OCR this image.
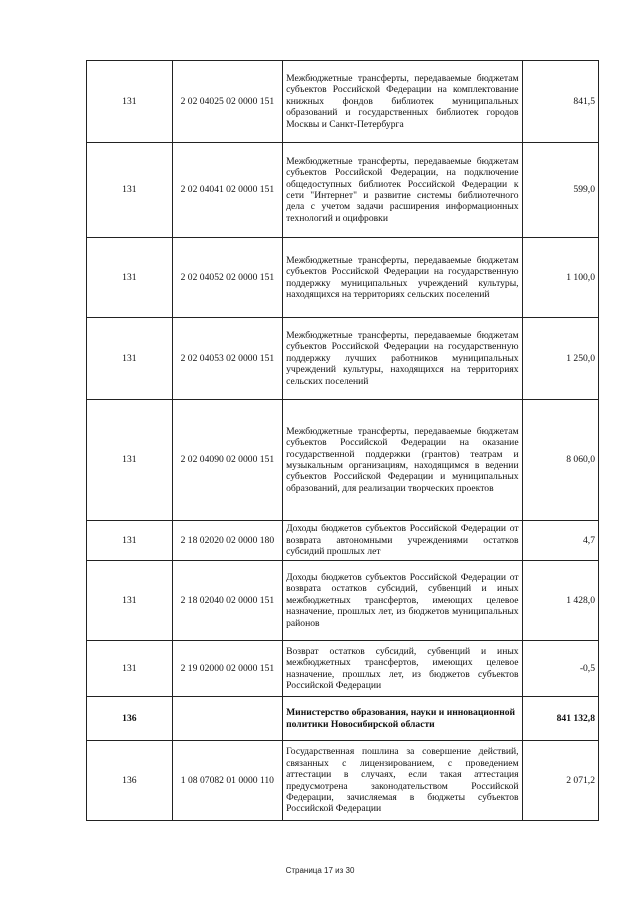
131	2 02 04025 02 0000 151	Межбюджетные трансферты, передаваемые бюджетам субъектов Российской Федерации на комплектование книжных фондов библиотек муниципальных образований и государственных библиотек городов Москвы и Санкт-Петербурга	841,5
131	2 02 04041 02 0000 151	Межбюджетные трансферты, передаваемые бюджетам субъектов Российской Федерации, на подключение общедоступных библиотек Российской Федерации к сети "Интернет" и развитие системы библиотечного дела с учетом задачи расширения информационных технологий и оцифровки	599,0
131	2 02 04052 02 0000 151	Межбюджетные трансферты, передаваемые бюджетам субъектов Российской Федерации на государственную поддержку муниципальных учреждений культуры, находящихся на территориях сельских поселений	1 100,0
131	2 02 04053 02 0000 151	Межбюджетные трансферты, передаваемые бюджетам субъектов Российской Федерации на государственную поддержку лучших работников муниципальных учреждений культуры, находящихся на территориях сельских поселений	1 250,0
131	2 02 04090 02 0000 151	Межбюджетные трансферты, передаваемые бюджетам субъектов Российской Федерации на оказание государственной поддержки (грантов) театрам и музыкальным организациям, находящимся в ведении субъектов Российской Федерации и муниципальных образований, для реализации творческих проектов	8 060,0
131	2 18 02020 02 0000 180	Доходы бюджетов субъектов Российской Федерации от возврата автономными учреждениями остатков субсидий прошлых лет	4,7
131	2 18 02040 02 0000 151	Доходы бюджетов субъектов Российской Федерации от возврата остатков субсидий, субвенций и иных межбюджетных трансфертов, имеющих целевое назначение, прошлых лет, из бюджетов муниципальных районов	1 428,0
131	2 19 02000 02 0000 151	Возврат остатков субсидий, субвенций и иных межбюджетных трансфертов, имеющих целевое назначение, прошлых лет, из бюджетов субъектов Российской Федерации	-0,5
136		Министерство образования, науки и инновационной политики Новосибирской области	841 132,8
136	1 08 07082 01 0000 110	Государственная пошлина за совершение действий, связанных с лицензированием, с проведением аттестации в случаях, если такая аттестация предусмотрена законодательством Российской Федерации, зачисляемая в бюджеты субъектов Российской Федерации	2 071,2
Страница 17 из 30
